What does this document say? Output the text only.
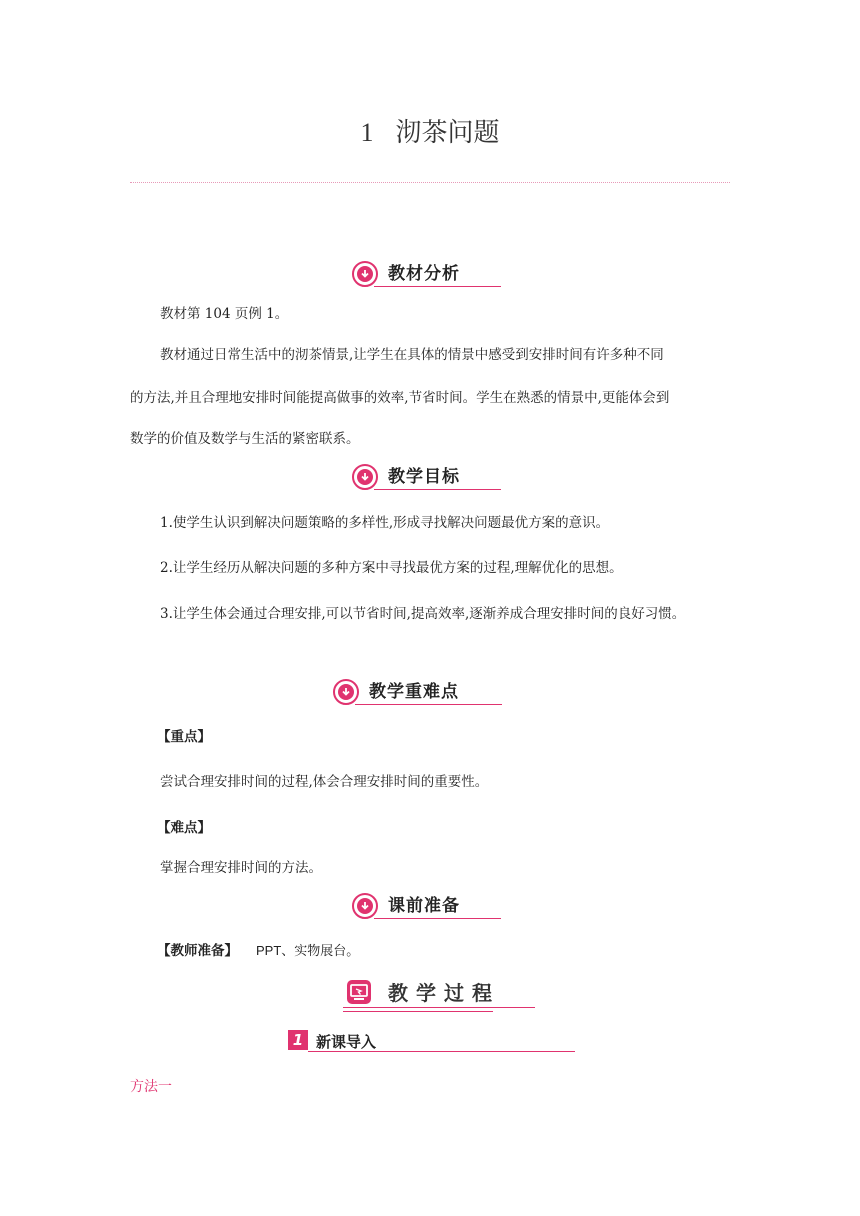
1 沏茶问题
教材分析
教材第 104 页例 1。
教材通过日常生活中的沏茶情景,让学生在具体的情景中感受到安排时间有许多种不同
的方法,并且合理地安排时间能提高做事的效率,节省时间。学生在熟悉的情景中,更能体会到
数学的价值及数学与生活的紧密联系。
教学目标
1.使学生认识到解决问题策略的多样性,形成寻找解决问题最优方案的意识。
2.让学生经历从解决问题的多种方案中寻找最优方案的过程,理解优化的思想。
3.让学生体会通过合理安排,可以节省时间,提高效率,逐渐养成合理安排时间的良好习惯。
教学重难点
【重点】
尝试合理安排时间的过程,体会合理安排时间的重要性。
【难点】
掌握合理安排时间的方法。
课前准备
【教师准备】 PPT、实物展台。
教学过程
1 新课导入
方法一
